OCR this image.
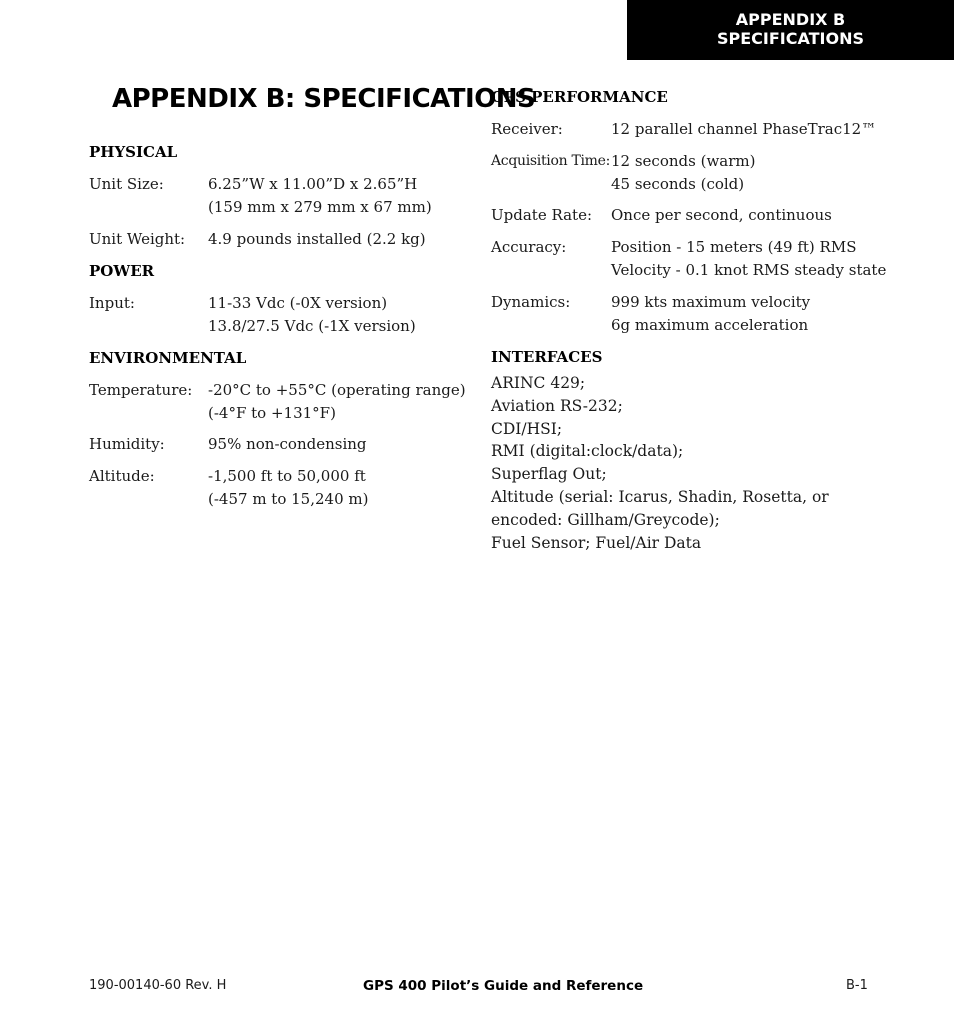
APPENDIX B
SPECIFICATIONS
APPENDIX B: SPECIFICATIONS
PHYSICAL
Unit Size:	6.25”W x 11.00”D x 2.65”H
(159 mm x 279 mm x 67 mm)
Unit Weight: 4.9 pounds installed (2.2 kg)
POWER
Input:	11-33 Vdc (-0X version)
13.8/27.5 Vdc (-1X version)
ENVIRONMENTAL
Temperature: -20°C to +55°C (operating range)
(-4°F to +131°F)
Humidity:	95% non-condensing
Altitude:	-1,500 ft to 50,000 ft
(-457 m to 15,240 m)
GPS PERFORMANCE
Receiver:	12 parallel channel PhaseTrac12™
Acquisition Time: 12 seconds (warm)
45 seconds (cold)
Update Rate: Once per second, continuous
Accuracy:	Position - 15 meters (49 ft) RMS
Velocity - 0.1 knot RMS steady state
Dynamics:	999 kts maximum velocity
6g maximum acceleration
INTERFACES
ARINC 429;
Aviation RS-232;
CDI/HSI;
RMI (digital:clock/data);
Superflag Out;
Altitude (serial: Icarus, Shadin, Rosetta, or
encoded: Gillham/Greycode);
Fuel Sensor; Fuel/Air Data
190-00140-60 Rev. H	GPS 400 Pilot’s Guide and Reference	B-1
